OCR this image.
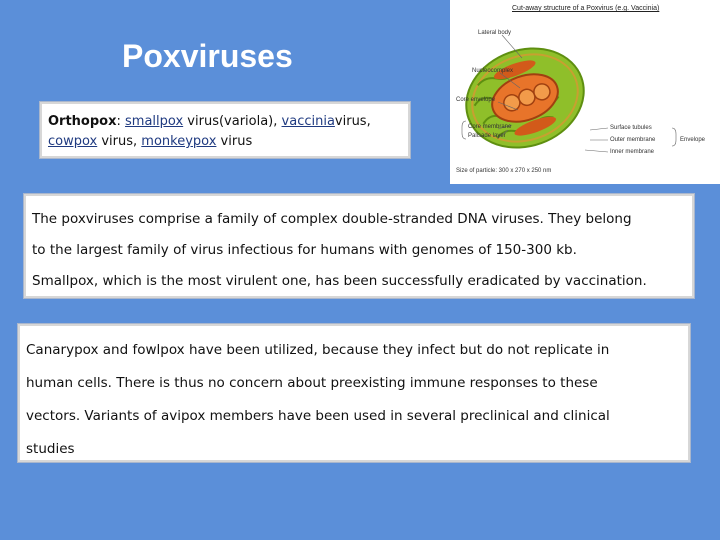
Poxviruses
Orthopox: smallpox virus(variola), vacciniavirus,
cowpox virus, monkeypox virus
Cut-away structure of a Poxvirus (e.g. Vaccinia)
Lateral body
Nucleocomplex
Core envelope
Core membrane
Palisade layer
Surface tubules
Outer membrane
Inner membrane
Envelope
Size of particle: 300 x 270 x 250 nm
The poxviruses comprise a family of complex double-stranded DNA viruses. They belong
to the largest family of virus infectious for humans with genomes of 150-300 kb.
Smallpox, which is the most virulent one, has been successfully eradicated by vaccination.
Canarypox and fowlpox have been utilized, because they infect but do not replicate in
human cells. There is thus no concern about preexisting immune responses to these
vectors. Variants of avipox members have been used in several preclinical and clinical
studies
